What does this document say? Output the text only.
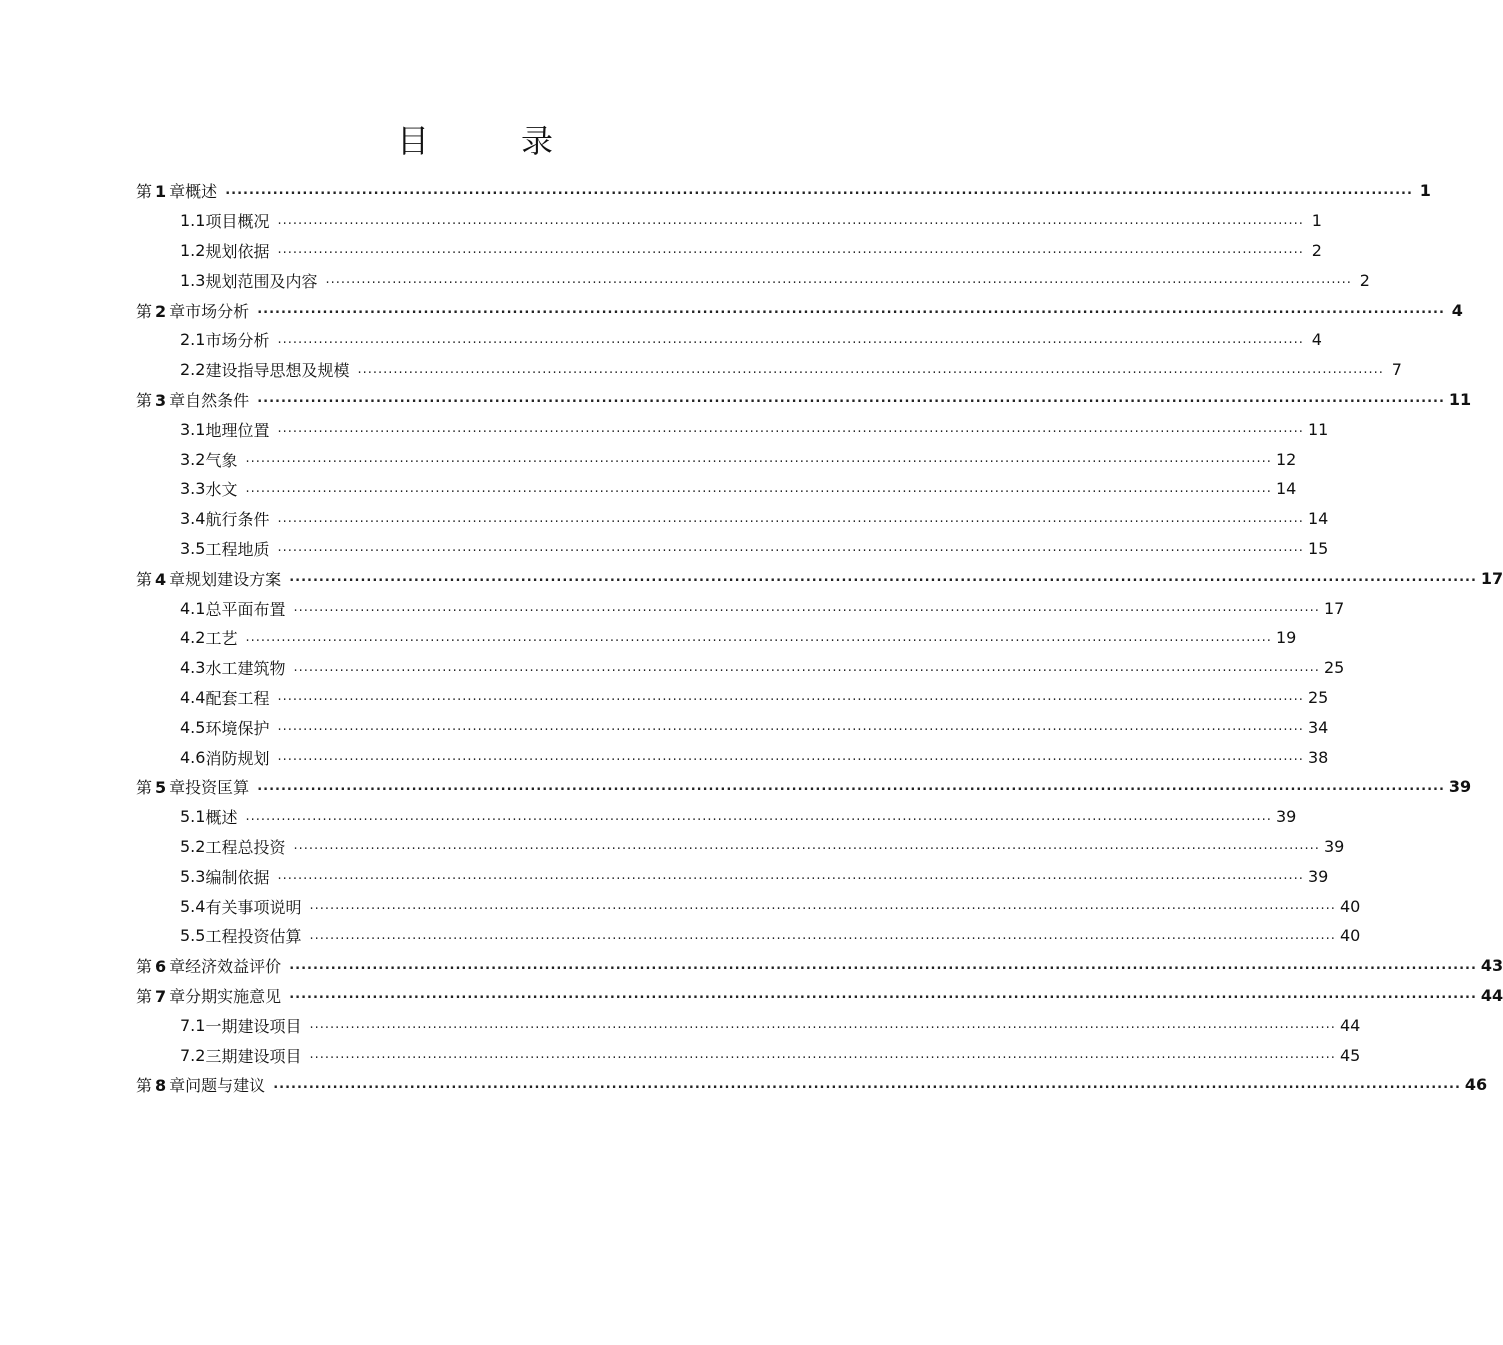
目　录
第 1 章 概述 ........................................................................................................................................................................................................ 1
1.1 项目概况 ........................................................................................................................................................................................................ 1
1.2 规划依据 ........................................................................................................................................................................................................ 2
1.3 规划范围及内容 ........................................................................................................................................................................................................ 2
第 2 章 市场分析 ........................................................................................................................................................................................................ 4
2.1 市场分析 ........................................................................................................................................................................................................ 4
2.2 建设指导思想及规模 ........................................................................................................................................................................................................ 7
第 3 章 自然条件 ........................................................................................................................................................................................................ 11
3.1 地理位置 ........................................................................................................................................................................................................ 11
3.2 气象 ........................................................................................................................................................................................................ 12
3.3 水文 ........................................................................................................................................................................................................ 14
3.4 航行条件 ........................................................................................................................................................................................................ 14
3.5 工程地质 ........................................................................................................................................................................................................ 15
第 4 章 规划建设方案 ........................................................................................................................................................................................................ 17
4.1 总平面布置 ........................................................................................................................................................................................................ 17
4.2 工艺 ........................................................................................................................................................................................................ 19
4.3 水工建筑物 ........................................................................................................................................................................................................ 25
4.4 配套工程 ........................................................................................................................................................................................................ 25
4.5 环境保护 ........................................................................................................................................................................................................ 34
4.6 消防规划 ........................................................................................................................................................................................................ 38
第 5 章 投资匡算 ........................................................................................................................................................................................................ 39
5.1 概述 ........................................................................................................................................................................................................ 39
5.2 工程总投资 ........................................................................................................................................................................................................ 39
5.3 编制依据 ........................................................................................................................................................................................................ 39
5.4 有关事项说明 ........................................................................................................................................................................................................ 40
5.5 工程投资估算 ........................................................................................................................................................................................................ 40
第 6 章 经济效益评价 ........................................................................................................................................................................................................ 43
第 7 章 分期实施意见 ........................................................................................................................................................................................................ 44
7.1 一期建设项目 ........................................................................................................................................................................................................ 44
7.2 三期建设项目 ........................................................................................................................................................................................................ 45
第 8 章 问题与建议 ........................................................................................................................................................................................................ 46
